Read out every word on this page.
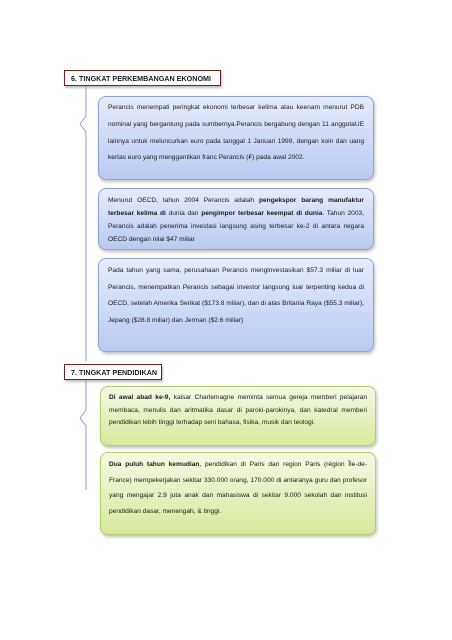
6. TINGKAT PERKEMBANGAN EKONOMI
Perancis menempati peringkat ekonomi terbesar kelima atau keenam menurut PDB nominal yang bergantung pada sumbernya.Perancis bergabung dengan 11 anggotaUE lainnya untuk meluncurkan euro pada tanggal 1 Januari 1999, dengan koin dan uang kertas euro yang menggantikan franc Perancis (₣) pada awal 2002.
Menurut OECD, tahun 2004 Perancis adalah pengekspor barang manufaktur terbesar kelima di dunia dan pengimpor terbesar keempat di dunia. Tahun 2003, Perancis adalah penerima investasi langsung asing terbesar ke-2 di antara negara OECD dengan nilai $47 miliar
Pada tahun yang sama, perusahaan Perancis menginvestasikan $57.3 miliar di luar Perancis, menempatkan Perancis sebagai investor langsung luar terpenting kedua di OECD, setelah Amerika Serikat ($173.8 miliar), dan di atas Britania Raya ($55.3 miliar), Jepang ($28.8 miliar) dan Jerman ($2.6 miliar)
7. TINGKAT PENDIDIKAN
Di awal abad ke-9, kaisar Charlemagne meminta semua gereja memberi pelajaran membaca, menulis dan aritmatika dasar di paroki-parokinya, dan katedral memberi pendidikan lebih tinggi terhadap seni bahasa, fisika, musik dan teologi.
Dua puluh tahun kemudian, pendidikan di Paris dan region Paris (région Île-de-France) mempekerjakan sekitar 330.000 orang, 170.000 di antaranya guru dan profesor yang mengajar 2.9 juta anak dan mahasiswa di sekitar 9.000 sekolah dan institusi pendidikan dasar, menengah, & tinggi.
